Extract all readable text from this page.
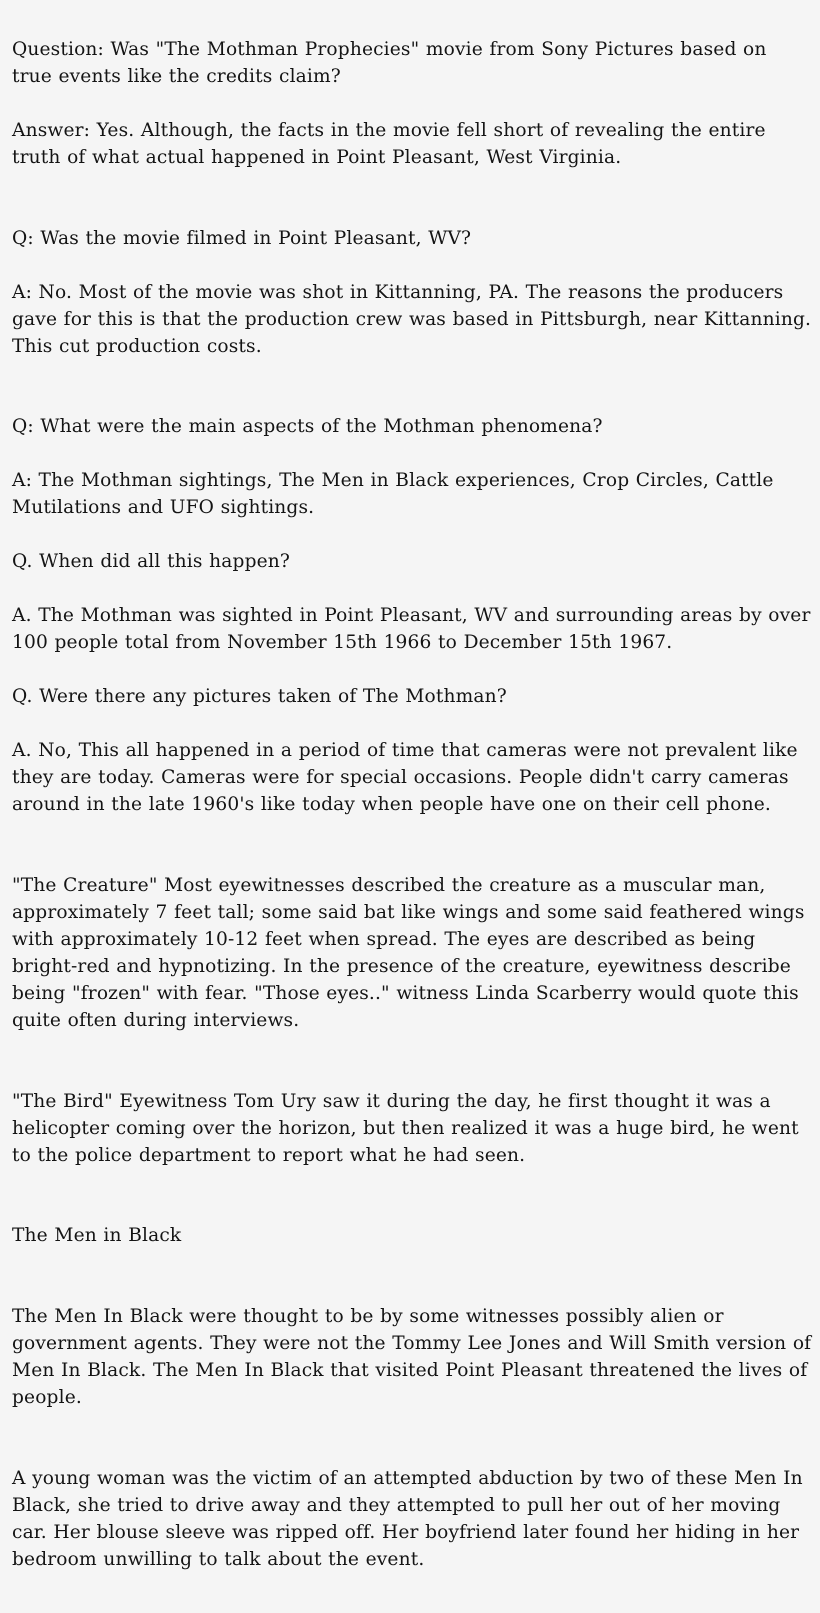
Question: Was "The Mothman Prophecies" movie from Sony Pictures based on true events like the credits claim?

Answer: Yes. Although, the facts in the movie fell short of revealing the entire truth of what actual happened in Point Pleasant, West Virginia.

Q: Was the movie filmed in Point Pleasant, WV?

A: No. Most of the movie was shot in Kittanning, PA. The reasons the producers gave for this is that the production crew was based in Pittsburgh, near Kittanning. This cut production costs.

Q: What were the main aspects of the Mothman phenomena?

A: The Mothman sightings, The Men in Black experiences, Crop Circles, Cattle Mutilations and UFO sightings.

Q. When did all this happen?

A. The Mothman was sighted in Point Pleasant, WV and surrounding areas by over 100 people total from November 15th 1966 to December 15th 1967.

Q. Were there any pictures taken of The Mothman?

A. No, This all happened in a period of time that cameras were not prevalent like they are today. Cameras were for special occasions. People didn't carry cameras around in the late 1960's like today when people have one on their cell phone.

"The Creature" Most eyewitnesses described the creature as a muscular man, approximately 7 feet tall; some said bat like wings and some said feathered wings with approximately 10-12 feet when spread. The eyes are described as being bright-red and hypnotizing. In the presence of the creature, eyewitness describe being "frozen" with fear. "Those eyes.." witness Linda Scarberry would quote this quite often during interviews.

"The Bird" Eyewitness Tom Ury saw it during the day, he first thought it was a helicopter coming over the horizon, but then realized it was a huge bird, he went to the police department to report what he had seen.

The Men in Black

The Men In Black were thought to be by some witnesses possibly alien or government agents. They were not the Tommy Lee Jones and Will Smith version of Men In Black. The Men In Black that visited Point Pleasant threatened the lives of people.

A young woman was the victim of an attempted abduction by two of these Men In Black, she tried to drive away and they attempted to pull her out of her moving car. Her blouse sleeve was ripped off. Her boyfriend later found her hiding in her bedroom unwilling to talk about the event.
